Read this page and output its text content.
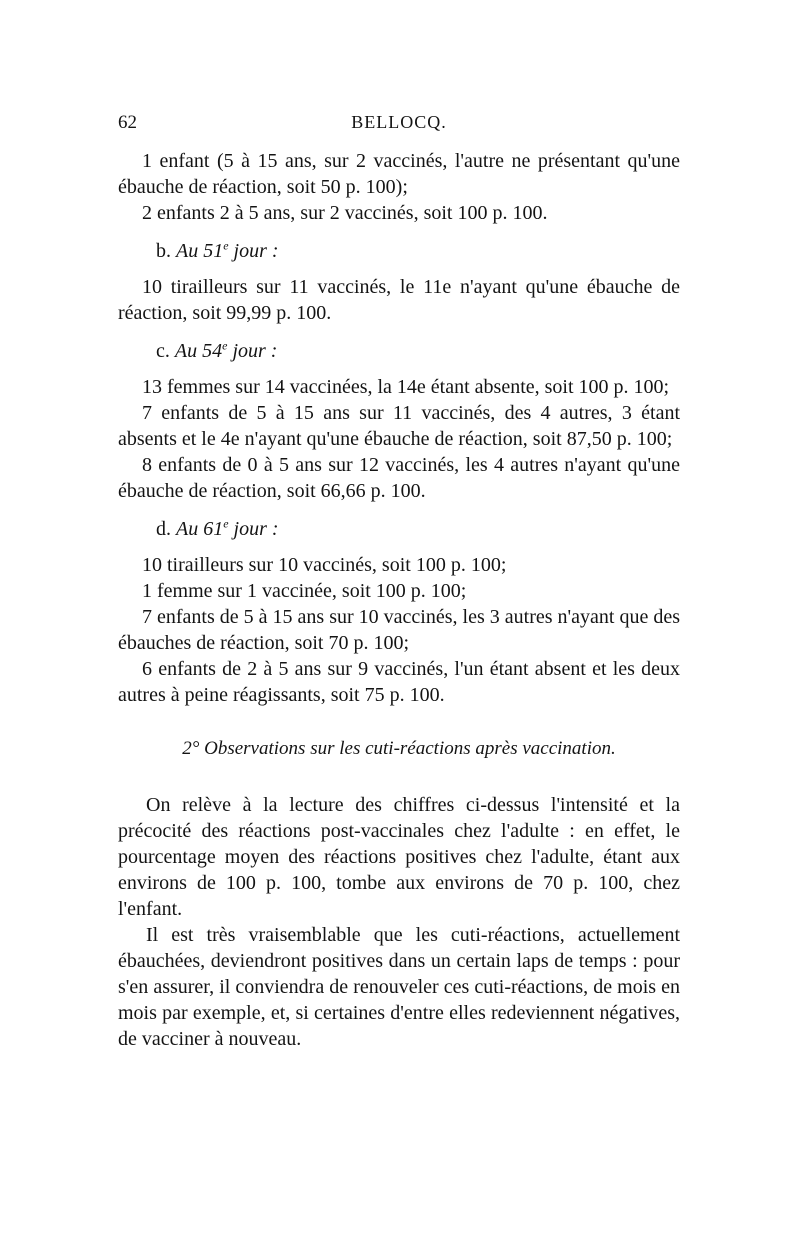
62	BELLOCQ.

1 enfant (5 à 15 ans, sur 2 vaccinés, l'autre ne présentant qu'une ébauche de réaction, soit 50 p. 100);

2 enfants 2 à 5 ans, sur 2 vaccinés, soit 100 p. 100.

b. Au 51e jour :

10 tirailleurs sur 11 vaccinés, le 11e n'ayant qu'une ébauche de réaction, soit 99,99 p. 100.

c. Au 54e jour :

13 femmes sur 14 vaccinées, la 14e étant absente, soit 100 p. 100;

7 enfants de 5 à 15 ans sur 11 vaccinés, des 4 autres, 3 étant absents et le 4e n'ayant qu'une ébauche de réaction, soit 87,50 p. 100;

8 enfants de 0 à 5 ans sur 12 vaccinés, les 4 autres n'ayant qu'une ébauche de réaction, soit 66,66 p. 100.

d. Au 61e jour :

10 tirailleurs sur 10 vaccinés, soit 100 p. 100;

1 femme sur 1 vaccinée, soit 100 p. 100;

7 enfants de 5 à 15 ans sur 10 vaccinés, les 3 autres n'ayant que des ébauches de réaction, soit 70 p. 100;

6 enfants de 2 à 5 ans sur 9 vaccinés, l'un étant absent et les deux autres à peine réagissants, soit 75 p. 100.

2° Observations sur les cuti-réactions après vaccination.

On relève à la lecture des chiffres ci-dessus l'intensité et la précocité des réactions post-vaccinales chez l'adulte : en effet, le pourcentage moyen des réactions positives chez l'adulte, étant aux environs de 100 p. 100, tombe aux environs de 70 p. 100, chez l'enfant.

Il est très vraisemblable que les cuti-réactions, actuellement ébauchées, deviendront positives dans un certain laps de temps : pour s'en assurer, il conviendra de renouveler ces cuti-réactions, de mois en mois par exemple, et, si certaines d'entre elles redeviennent négatives, de vacciner à nouveau.
